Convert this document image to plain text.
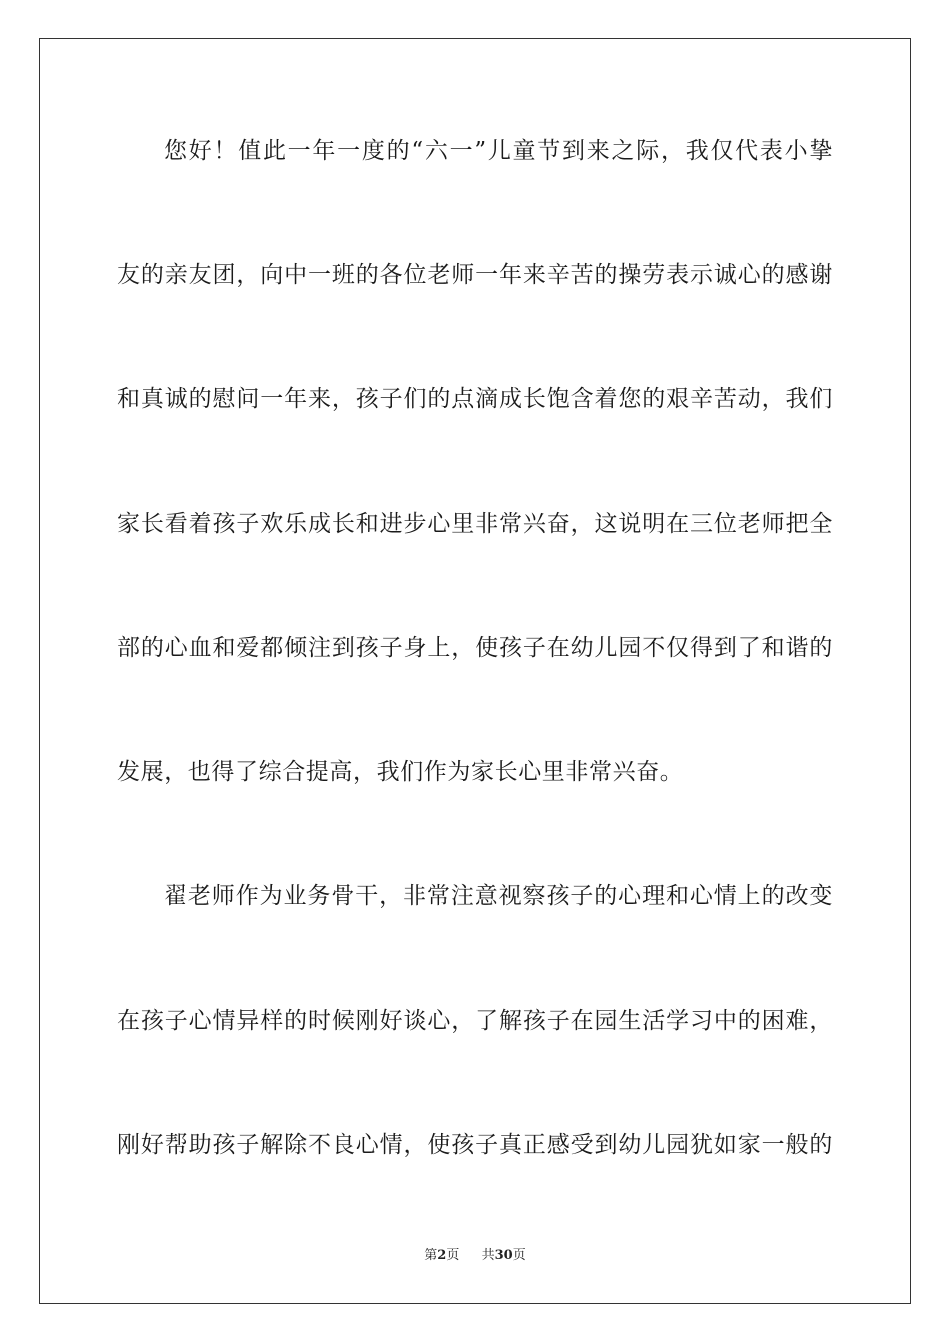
您好！值此一年一度的“六一”儿童节到来之际，我仅代表小挚
友的亲友团，向中一班的各位老师一年来辛苦的操劳表示诚心的感谢
和真诚的慰问一年来，孩子们的点滴成长饱含着您的艰辛苦动，我们
家长看着孩子欢乐成长和进步心里非常兴奋，这说明在三位老师把全
部的心血和爱都倾注到孩子身上，使孩子在幼儿园不仅得到了和谐的
发展，也得了综合提高，我们作为家长心里非常兴奋。
翟老师作为业务骨干，非常注意视察孩子的心理和心情上的改变
在孩子心情异样的时候刚好谈心，了解孩子在园生活学习中的困难，
刚好帮助孩子解除不良心情，使孩子真正感受到幼儿园犹如家一般的
第2页 共30页
